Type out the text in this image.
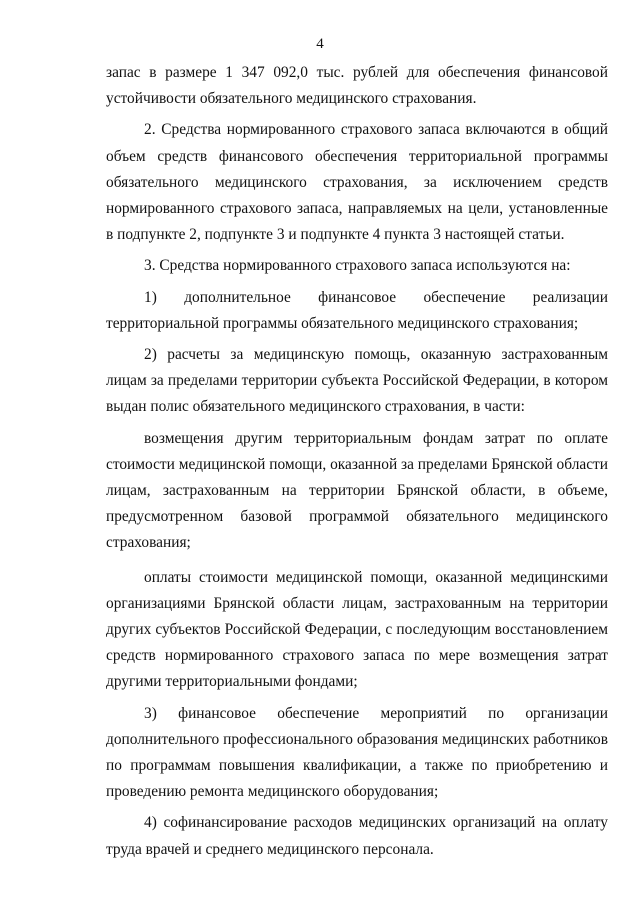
4

запас в размере 1 347 092,0 тыс. рублей для обеспечения финансовой устойчивости обязательного медицинского страхования.

2. Средства нормированного страхового запаса включаются в общий объем средств финансового обеспечения территориальной программы обязательного медицинского страхования, за исключением средств нормированного страхового запаса, направляемых на цели, установленные в подпункте 2, подпункте 3 и подпункте 4 пункта 3 настоящей статьи.

3. Средства нормированного страхового запаса используются на:

1) дополнительное финансовое обеспечение реализации территориальной программы обязательного медицинского страхования;

2) расчеты за медицинскую помощь, оказанную застрахованным лицам за пределами территории субъекта Российской Федерации, в котором выдан полис обязательного медицинского страхования, в части:

возмещения другим территориальным фондам затрат по оплате стоимости медицинской помощи, оказанной за пределами Брянской области лицам, застрахованным на территории Брянской области, в объеме, предусмотренном базовой программой обязательного медицинского страхования;

оплаты стоимости медицинской помощи, оказанной медицинскими организациями Брянской области лицам, застрахованным на территории других субъектов Российской Федерации, с последующим восстановлением средств нормированного страхового запаса по мере возмещения затрат другими территориальными фондами;

3) финансовое обеспечение мероприятий по организации дополнительного профессионального образования медицинских работников по программам повышения квалификации, а также по приобретению и проведению ремонта медицинского оборудования;

4) софинансирование расходов медицинских организаций на оплату труда врачей и среднего медицинского персонала.
